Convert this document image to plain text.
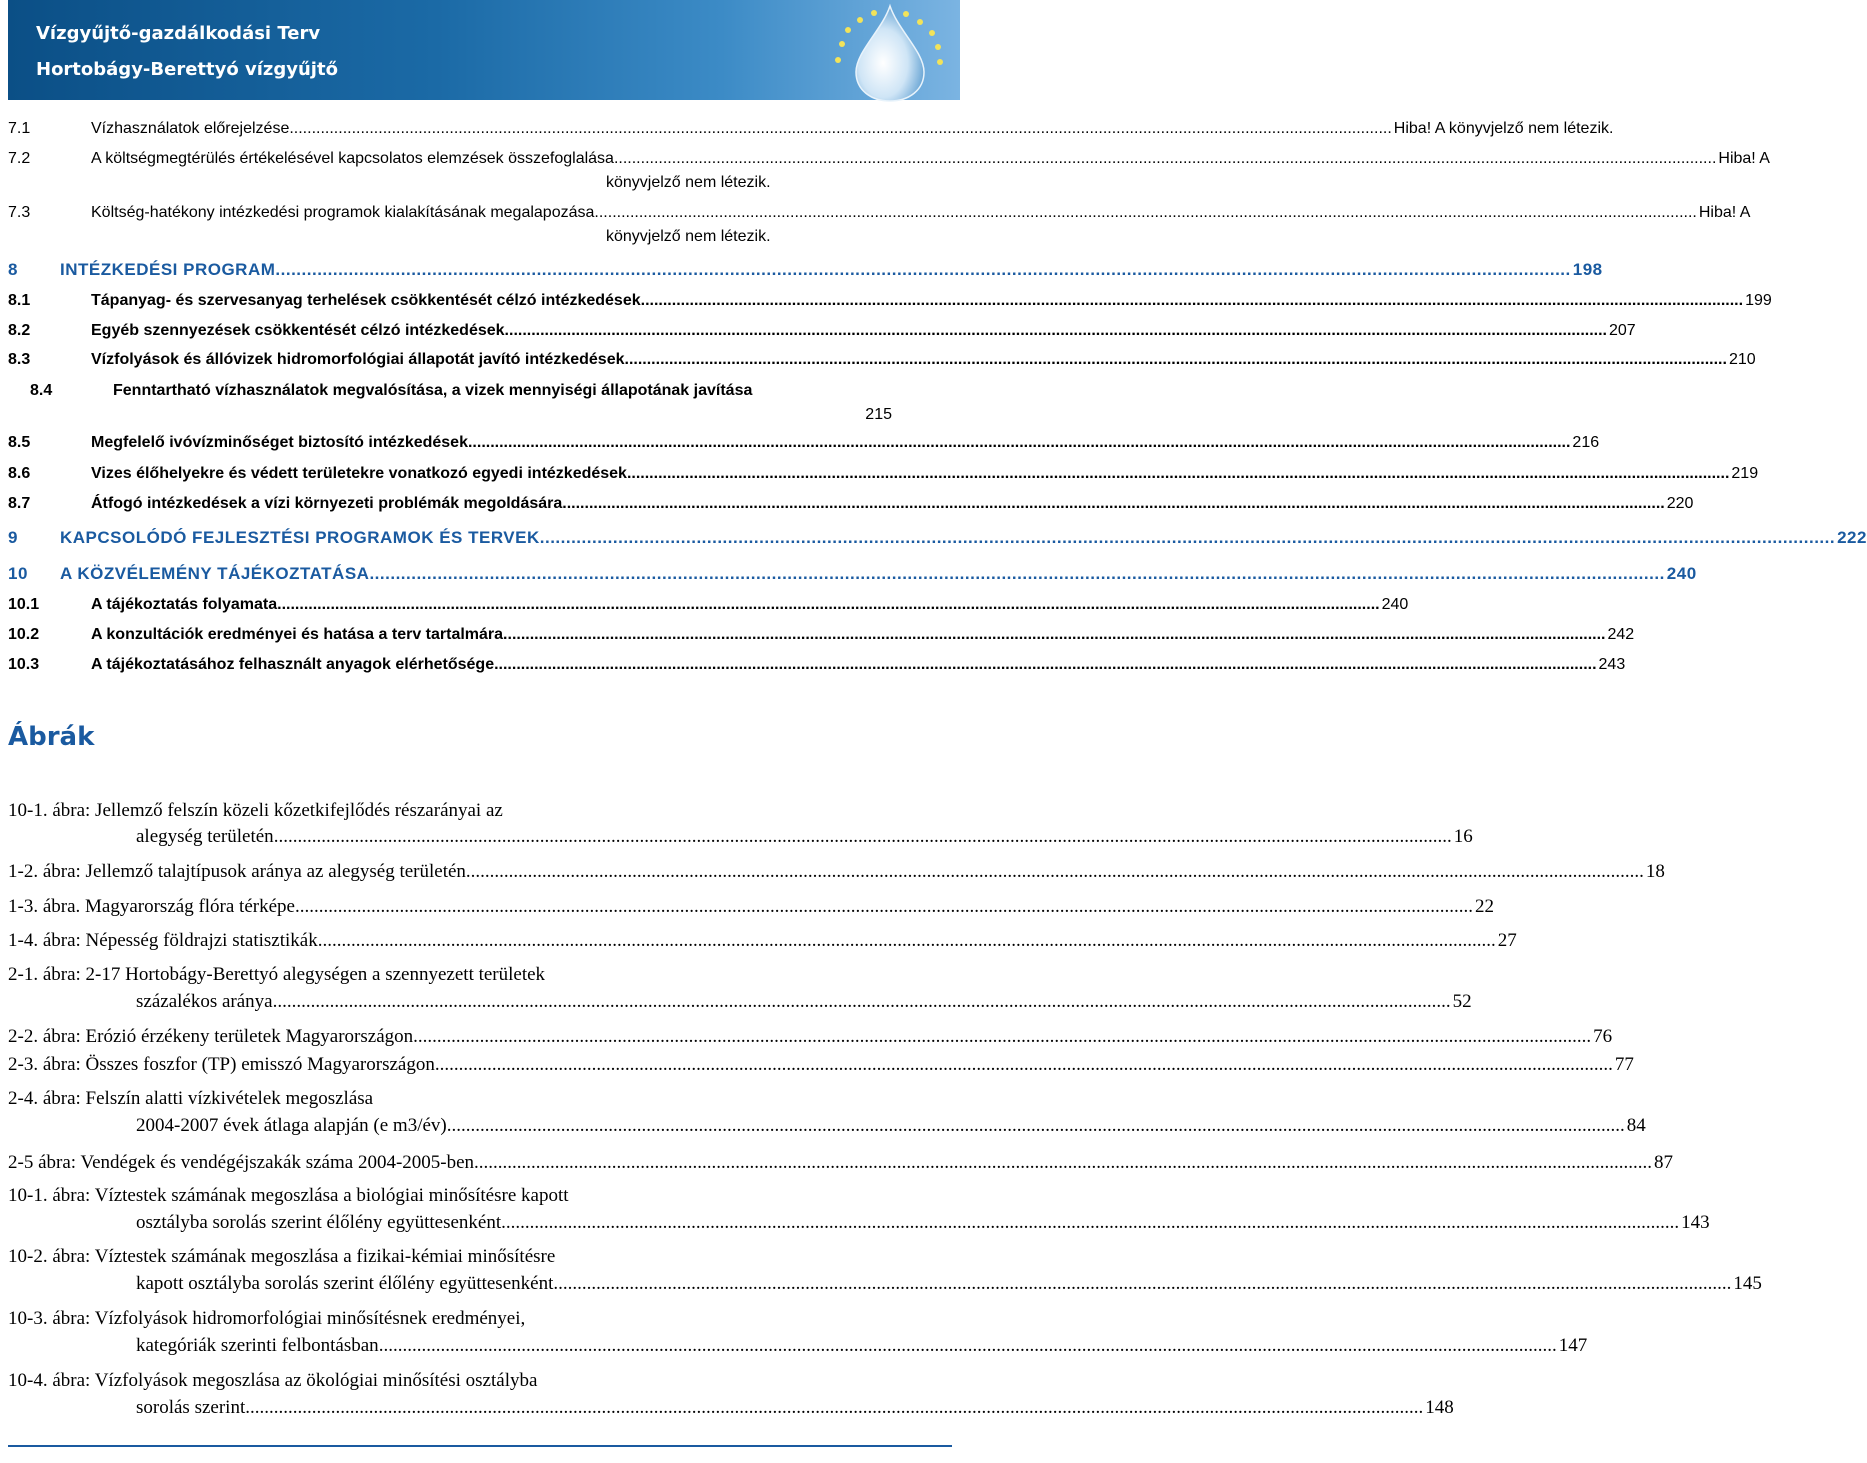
Vízgyűjtő-gazdálkodási Terv
Hortobágy-Berettyó vízgyűjtő
7.1	Vízhasználatok előrejelzése .....	Hiba! A könyvjelző nem létezik.
7.2	A költségmegtérülés értékelésével kapcsolatos elemzések összefoglalása .....	Hiba! A
könyvjelző nem létezik.
7.3	Költség-hatékony intézkedési programok kialakításának megalapozása .....	Hiba! A
könyvjelző nem létezik.
8 INTÉZKEDÉSI PROGRAM .....	198
8.1	Tápanyag- és szervesanyag terhelések csökkentését célzó intézkedések .....	199
8.2	Egyéb szennyezések csökkentését célzó intézkedések .....	207
8.3	Vízfolyások és állóvizek hidromorfológiai állapotát javító intézkedések .....	210
8.4	Fenntartható vízhasználatok megvalósítása, a vizek mennyiségi állapotának javítása
215
8.5	Megfelelő ivóvízminőséget biztosító intézkedések .....	216
8.6	Vizes élőhelyekre és védett területekre vonatkozó egyedi intézkedések .....	219
8.7	Átfogó intézkedések a vízi környezeti problémák megoldására .....	220
9 KAPCSOLÓDÓ FEJLESZTÉSI PROGRAMOK ÉS TERVEK .....	222
10 A KÖZVÉLEMÉNY TÁJÉKOZTATÁSA .....	240
10.1	A tájékoztatás folyamata .....	240
10.2	A konzultációk eredményei és hatása a terv tartalmára .....	242
10.3	A tájékoztatásához felhasznált anyagok elérhetősége .....	243
Ábrák
10-1. ábra: Jellemző felszín közeli kőzetkifejlődés részarányai az
alegység területén .....	16
1-2. ábra: Jellemző talajtípusok aránya az alegység területén .....	18
1-3. ábra. Magyarország flóra térképe .....	22
1-4. ábra: Népesség földrajzi statisztikák .....	27
2-1. ábra: 2-17 Hortobágy-Berettyó alegységen a szennyezett területek
százalékos aránya .....	52
2-2. ábra: Erózió érzékeny területek Magyarországon .....	76
2-3. ábra: Összes foszfor (TP) emisszó Magyarországon .....	77
2-4. ábra: Felszín alatti vízkivételek megoszlása
2004-2007 évek átlaga alapján (e m3/év) .....	84
2-5 ábra: Vendégek és vendégéjszakák száma 2004-2005-ben .....	87
10-1. ábra: Víztestek számának megoszlása a biológiai minősítésre kapott
osztályba sorolás szerint élőlény együttesenként .....	143
10-2. ábra: Víztestek számának megoszlása a fizikai-kémiai minősítésre
kapott osztályba sorolás szerint élőlény együttesenként .....	145
10-3. ábra: Vízfolyások hidromorfológiai minősítésnek eredményei,
kategóriák szerinti felbontásban .....	147
10-4. ábra: Vízfolyások megoszlása az ökológiai minősítési osztályba
sorolás szerint .....	148
